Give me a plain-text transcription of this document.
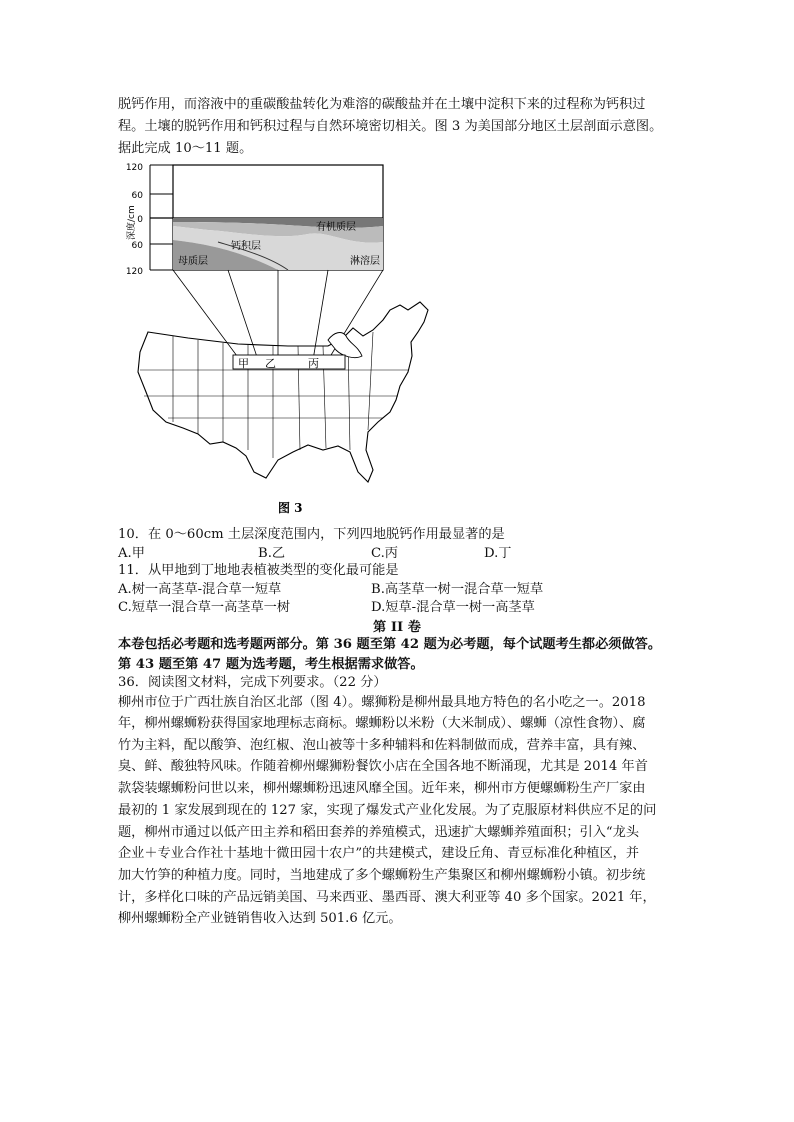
脱钙作用，而溶液中的重碳酸盐转化为难溶的碳酸盐并在土壤中淀积下来的过程称为钙积过
程。土壤的脱钙作用和钙积过程与自然环境密切相关。图 3 为美国部分地区土层剖面示意图。
据此完成 10～11 题。
120
60
0
60
120
深度/cm	有机质层
钙积层
母质层	淋溶层
甲 乙	丙
图 3
10．在 0～60cm 土层深度范围内，下列四地脱钙作用最显著的是
A.甲	B.乙	C.丙	D.丁
11．从甲地到丁地地表植被类型的变化最可能是
A.树一高茎草-混合草一短草	B.高茎草一树一混合草一短草
C.短草一混合草一高茎草一树	D.短草-混合草一树一高茎草
第 II 卷
本卷包括必考题和选考题两部分。第 36 题至第 42 题为必考题，每个试题考生都必须做答。
第 43 题至第 47 题为选考题，考生根据需求做答。
36．阅读图文材料，完成下列要求。（22 分）
柳州市位于广西壮族自治区北部（图 4）。螺狮粉是柳州最具地方特色的名小吃之一。2018
年，柳州螺蛳粉获得国家地理标志商标。螺蛳粉以米粉（大米制成）、螺蛳（凉性食物）、腐
竹为主料，配以酸笋、泡红椒、泡山被等十多种辅料和佐料制做而成，营养丰富，具有辣、
臭、鲜、酸独特风味。作随着柳州螺狮粉餐饮小店在全国各地不断涌现，尤其是 2014 年首
款袋装螺蛳粉问世以来，柳州螺蛳粉迅速风靡全国。近年来，柳州市方便螺蛳粉生产厂家由
最初的 1 家发展到现在的 127 家，实现了爆发式产业化发展。为了克服原材料供应不足的问
题，柳州市通过以低产田主养和稻田套养的养殖模式，迅速扩大螺蛳养殖面积；引入“龙头
企业＋专业合作社十基地十微田园十农户”的共建模式，建设丘角、青豆标准化种植区，并
加大竹笋的种植力度。同时，当地建成了多个螺蛳粉生产集聚区和柳州螺蛳粉小镇。初步统
计，多样化口味的产品远销美国、马来西亚、墨西哥、澳大利亚等 40 多个国家。2021 年，
柳州螺蛳粉全产业链销售收入达到 501.6 亿元。
